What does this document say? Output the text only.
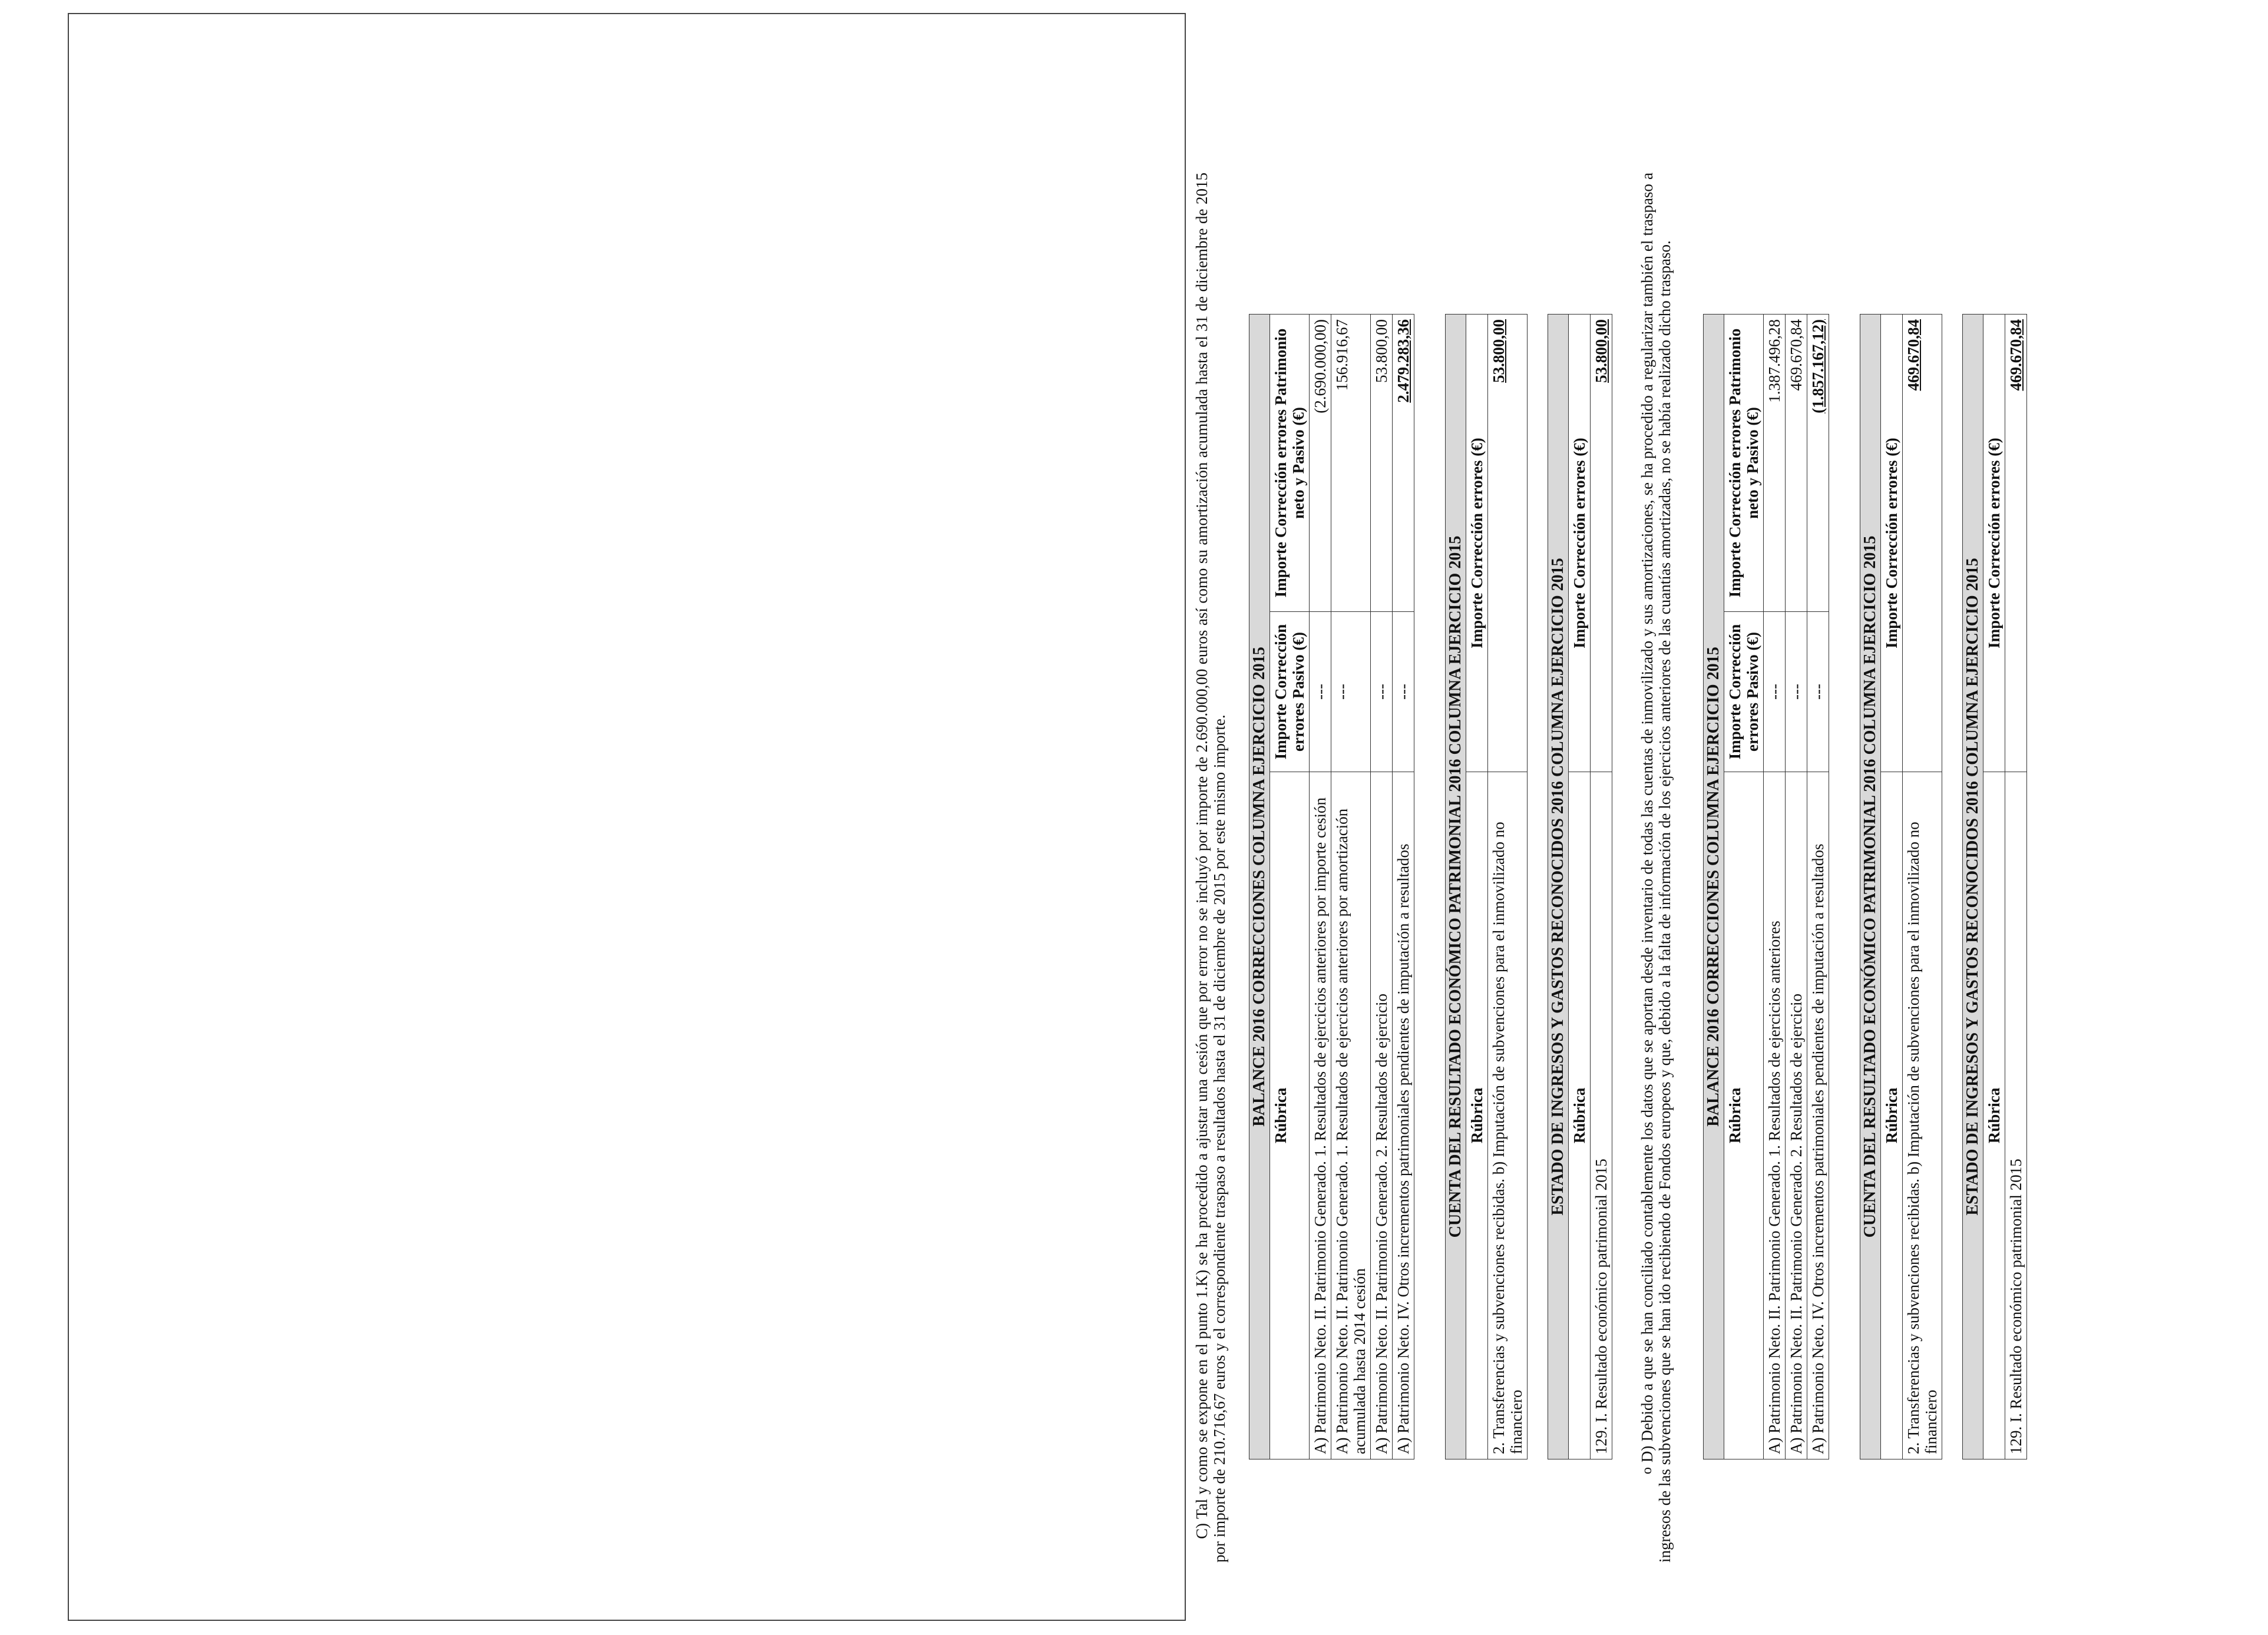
C) Tal y como se expone en el punto 1.K) se ha procedido a ajustar una cesión que por error no se incluyó por importe de 2.690.000,00 euros así como su amortización acumulada hasta el 31 de diciembre de 2015 por importe de 210.716,67 euros y el correspondiente traspaso a resultados hasta el 31 de diciembre de 2015 por este mismo importe. BALANCE 2016 CORRECCIONES COLUMNA EJERCICIO 2015		
Rúbrica	Importe Corrección errores Pasivo (€)	Importe Corrección errores Patrimonio neto y Pasivo (€)
A) Patrimonio Neto. II. Patrimonio Generado. 1. Resultados de ejercicios anteriores por importe cesión	---	(2.690.000,00)
A) Patrimonio Neto. II. Patrimonio Generado. 1. Resultados de ejercicios anteriores por amortización acumulada hasta 2014 cesión	---	156.916,67
A) Patrimonio Neto. II. Patrimonio Generado. 2. Resultados de ejercicio	---	53.800,00
A) Patrimonio Neto. IV. Otros incrementos patrimoniales pendientes de imputación a resultados	---	2.479.283,36
CUENTA DEL RESULTADO ECONÓMICO PATRIMONIAL 2016 COLUMNA EJERCICIO 2015	
Rúbrica	Importe Corrección errores (€)
2. Transferencias y subvenciones recibidas. b) Imputación de subvenciones para el inmovilizado no financiero	53.800,00
ESTADO DE INGRESOS Y GASTOS RECONOCIDOS 2016 COLUMNA EJERCICIO 2015	
Rúbrica	Importe Corrección errores (€)
129. I. Resultado económico patrimonial 2015	53.800,00

o
D) Debido a que se han conciliado contablemente los datos que se aportan desde inventario de todas las cuentas de inmovilizado y sus amortizaciones, se ha procedido a regularizar también el traspaso a ingresos de las subvenciones que se han ido recibiendo de Fondos europeos y que, debido a la falta de información de los ejercicios anteriores de las cuantías amortizadas, no se había realizado dicho traspaso. BALANCE 2016 CORRECCIONES COLUMNA EJERCICIO 2015		
Rúbrica	Importe Corrección errores Pasivo (€)	Importe Corrección errores Patrimonio neto y Pasivo (€)
A) Patrimonio Neto. II. Patrimonio Generado. 1. Resultados de ejercicios anteriores	---	1.387.496,28
A) Patrimonio Neto. II. Patrimonio Generado. 2. Resultados de ejercicio	---	469.670,84
A) Patrimonio Neto. IV. Otros incrementos patrimoniales pendientes de imputación a resultados	---	(1.857.167,12)
CUENTA DEL RESULTADO ECONÓMICO PATRIMONIAL 2016 COLUMNA EJERCICIO 2015	
Rúbrica	Importe Corrección errores (€)
2. Transferencias y subvenciones recibidas. b) Imputación de subvenciones para el inmovilizado no financiero	469.670,84
ESTADO DE INGRESOS Y GASTOS RECONOCIDOS 2016 COLUMNA EJERCICIO 2015	
Rúbrica	Importe Corrección errores (€)
129. I. Resultado económico patrimonial 2015	469.670,84
